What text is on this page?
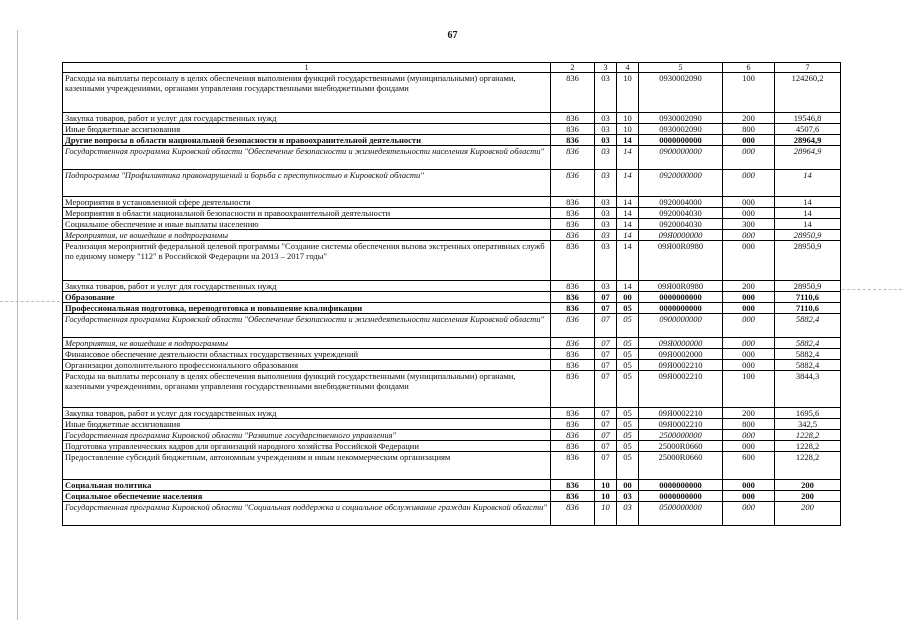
67
1	2	3	4	5	6	7
Расходы на выплаты персоналу в целях обеспечения выполнения функций государственными (муниципальными) органами, казенными учреждениями, органами управления государственными внебюджетными фондами	836	03	10	0930002090	100	124260,2
Закупка товаров, работ и услуг для государственных нужд	836	03	10	0930002090	200	19546,8
Иные бюджетные ассигнования	836	03	10	0930002090	800	4507,6
Другие вопросы в области национальной безопасности и правоохранительной деятельности	836	03	14	0000000000	000	28964,9
Государственная программа Кировской области "Обеспечение безопасности и жизнедеятельности населения Кировской области"	836	03	14	0900000000	000	28964,9
Подпрограмма "Профилактика правонарушений и борьба с преступностью в Кировской области"	836	03	14	0920000000	000	14
Мероприятия в установленной сфере деятельности	836	03	14	0920004000	000	14
Мероприятия в области национальной безопасности и правоохранительной деятельности	836	03	14	0920004030	000	14
Социальное обеспечение и иные выплаты населению	836	03	14	0920004030	300	14
Мероприятия, не вошедшие в подпрограммы	836	03	14	09Я0000000	000	28950,9
Реализация мероприятий федеральной целевой программы "Создание системы обеспечения вызова экстренных оперативных служб по единому номеру "112" в Российской Федерации на 2013 – 2017 годы"	836	03	14	09Я00R0980	000	28950,9
Закупка товаров, работ и услуг для государственных нужд	836	03	14	09Я00R0980	200	28950,9
Образование	836	07	00	0000000000	000	7110,6
Профессиональная подготовка, переподготовка и повышение квалификации	836	07	05	0000000000	000	7110,6
Государственная программа Кировской области "Обеспечение безопасности и жизнедеятельности населения Кировской области"	836	07	05	0900000000	000	5882,4
Мероприятия, не вошедшие в подпрограммы	836	07	05	09Я0000000	000	5882,4
Финансовое обеспечение деятельности областных государственных учреждений	836	07	05	09Я0002000	000	5882,4
Организации дополнительного профессионального образования	836	07	05	09Я0002210	000	5882,4
Расходы на выплаты персоналу в целях обеспечения выполнения функций государственными (муниципальными) органами, казенными учреждениями, органами управления государственными внебюджетными фондами	836	07	05	09Я0002210	100	3844,3
Закупка товаров, работ и услуг для государственных нужд	836	07	05	09Я0002210	200	1695,6
Иные бюджетные ассигнования	836	07	05	09Я0002210	800	342,5
Государственная программа Кировской области "Развитие государственного управления"	836	07	05	2500000000	000	1228,2
Подготовка управленческих кадров для организаций народного хозяйства Российской Федерации	836	07	05	25000R0660	000	1228,2
Предоставление субсидий бюджетным, автономным учреждениям и иным некоммерческим организациям	836	07	05	25000R0660	600	1228,2
Социальная политика	836	10	00	0000000000	000	200
Социальное обеспечение населения	836	10	03	0000000000	000	200
Государственная программа Кировской области "Социальная поддержка и социальное обслуживание граждан Кировской области"	836	10	03	0500000000	000	200
